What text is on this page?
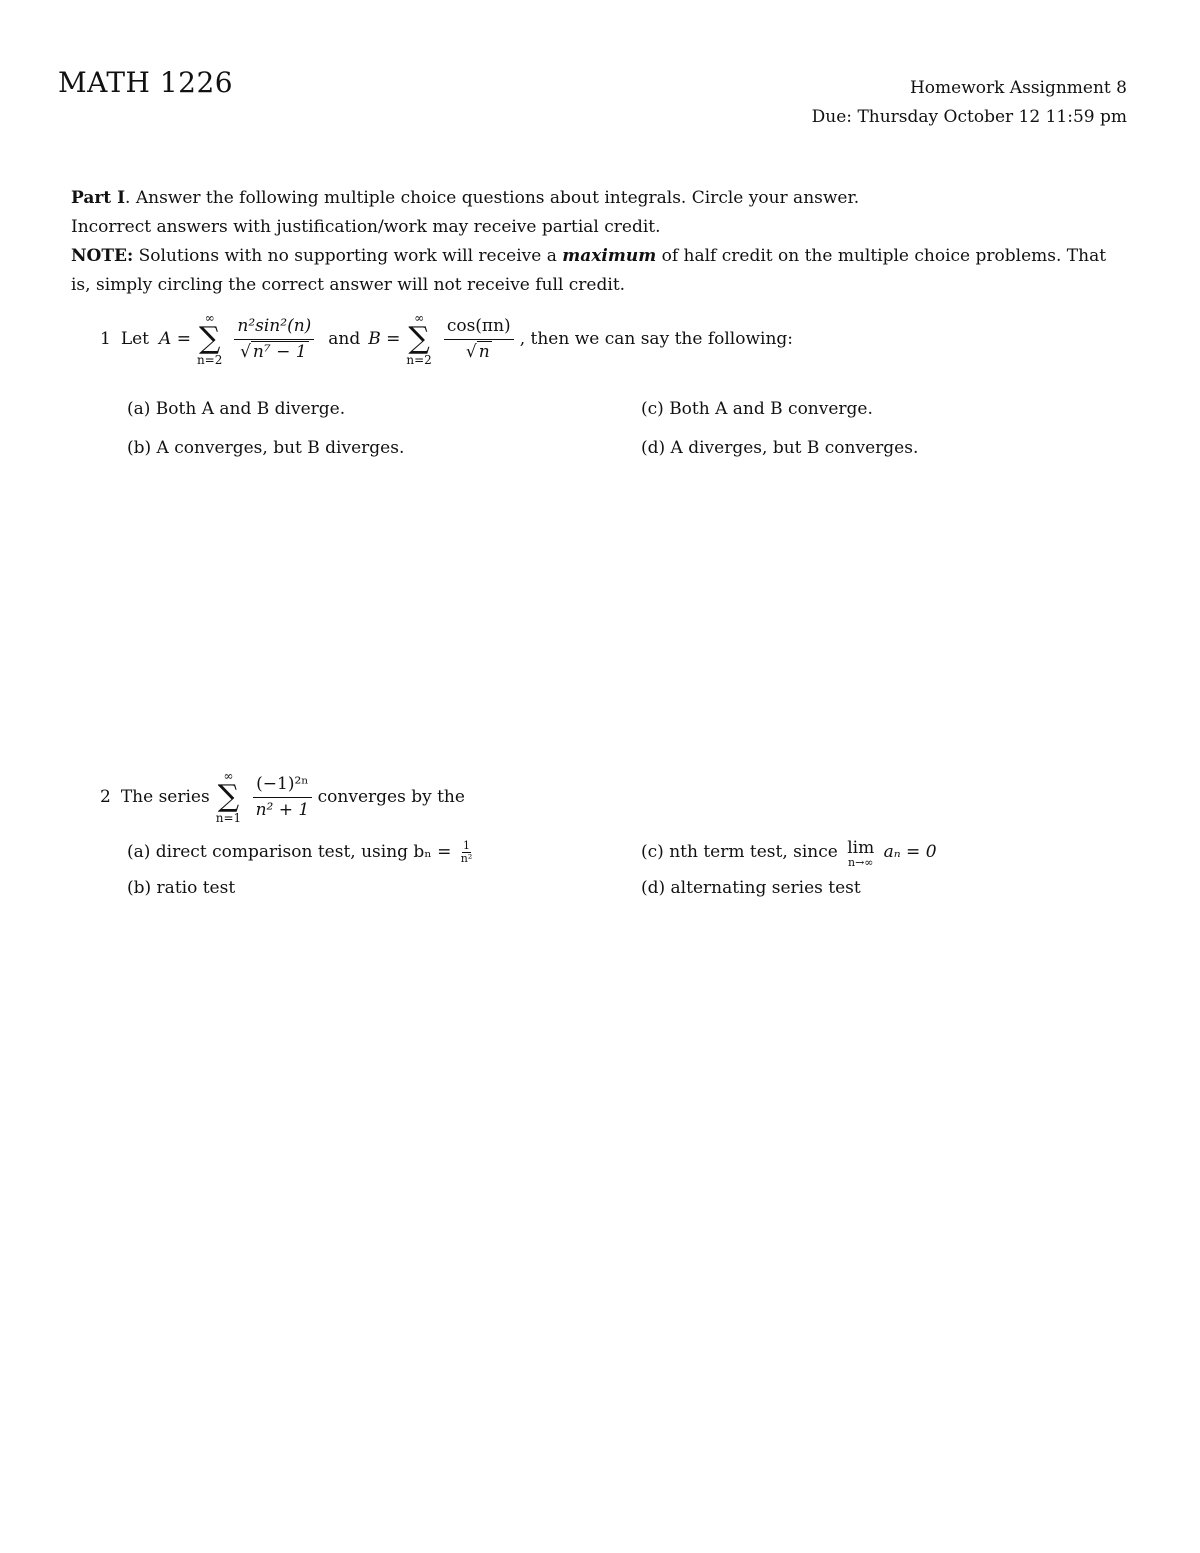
MATH 1226	Homework Assignment 8
Due: Thursday October 12 11:59 pm
Part I. Answer the following multiple choice questions about integrals. Circle your answer.
Incorrect answers with justification/work may receive partial credit.
NOTE: Solutions with no supporting work will receive a maximum of half credit on the multiple choice problems. That is, simply circling the correct answer will not receive full credit.
1 Let A =
∞
∑
$n=2 \frac{\text{n²sin²(n)}}{\text{√ n⁷ − 1}}$ and B =
∞
∑
$n=2 \frac{\cos(\pi n)}{√ n}$ , then we can say the following:
(a) Both A and B diverge.	(c) Both A and B converge.
(b) A converges, but B diverges.	(d) A diverges, but B converges.
2 The series
∞
∑
$n=1 \frac{\text{(−1)²ⁿ}}{\text{n² + 1}}$ converges by the
(a) direct comparison test, using $b_n = \frac{1}{\text{n²}}$	(c) nth term test, since lim
n→∞
aₙ = 0
(b) ratio test	(d) alternating series test
